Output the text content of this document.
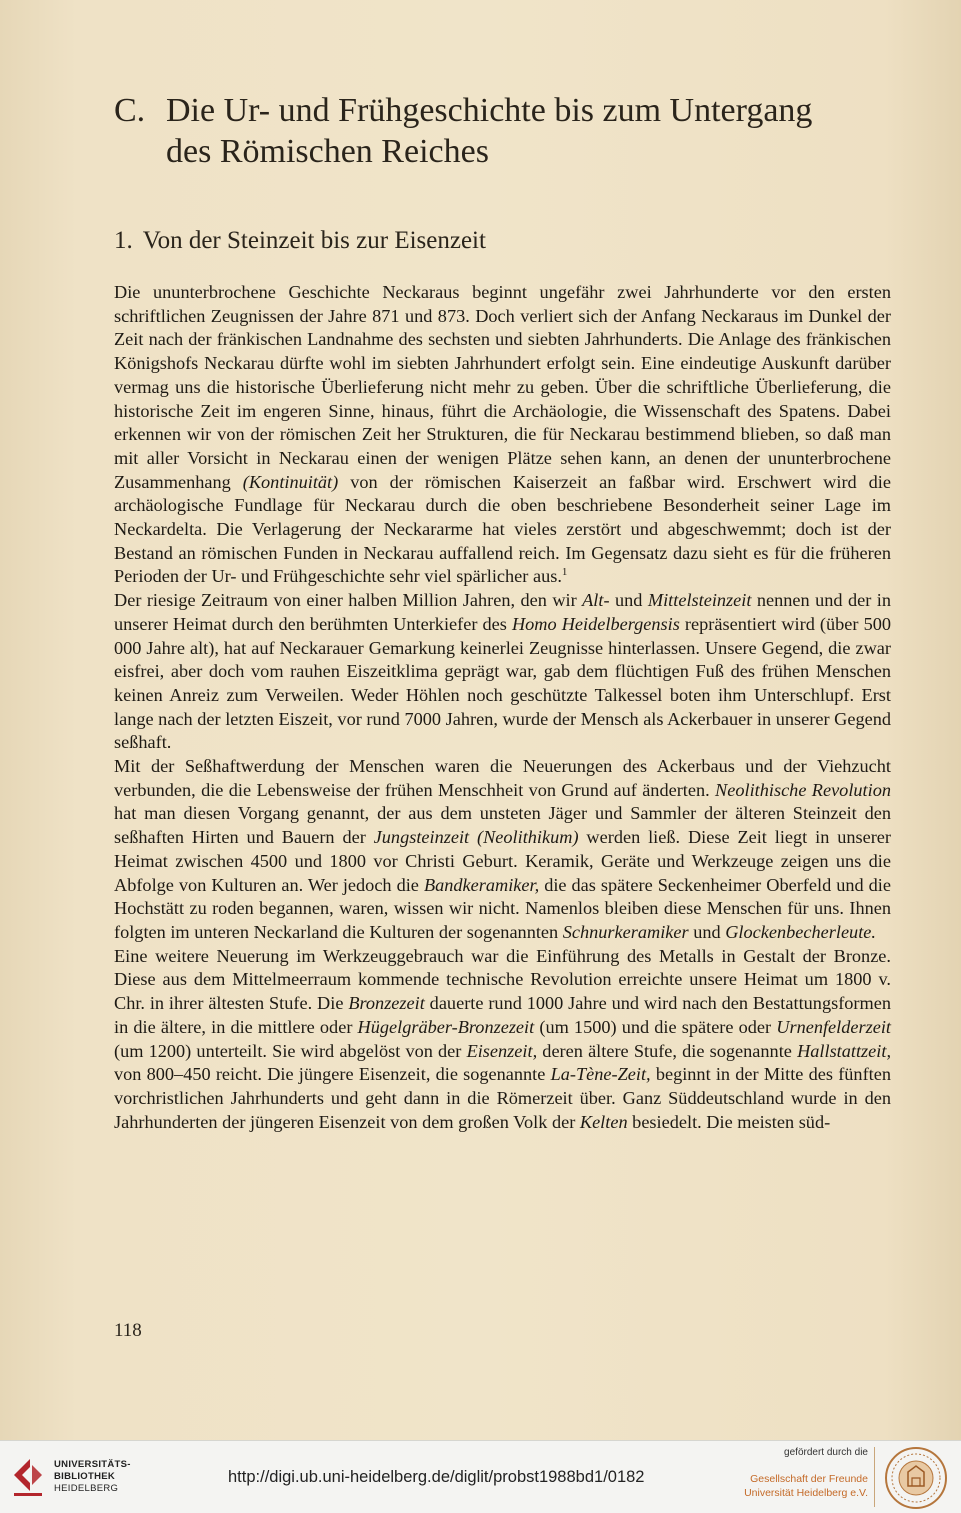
C. Die Ur- und Frühgeschichte bis zum Untergang
des Römischen Reiches
1. Von der Steinzeit bis zur Eisenzeit

Die ununterbrochene Geschichte Neckaraus beginnt ungefähr zwei Jahrhunderte vor den ersten schriftlichen Zeugnissen der Jahre 871 und 873. Doch verliert sich der Anfang Neckaraus im Dunkel der Zeit nach der fränkischen Landnahme des sechsten und siebten Jahrhunderts. Die Anlage des fränkischen Königshofs Neckarau dürfte wohl im siebten Jahrhundert erfolgt sein. Eine eindeutige Auskunft darüber vermag uns die historische Überlieferung nicht mehr zu geben. Über die schriftliche Überlieferung, die historische Zeit im engeren Sinne, hinaus, führt die Archäologie, die Wissenschaft des Spatens. Dabei erkennen wir von der römischen Zeit her Strukturen, die für Neckarau bestimmend blieben, so daß man mit aller Vorsicht in Neckarau einen der wenigen Plätze sehen kann, an denen der ununterbrochene Zusammenhang (Kontinuität) von der römischen Kaiserzeit an faßbar wird. Erschwert wird die archäologische Fundlage für Neckarau durch die oben beschriebene Besonderheit seiner Lage im Neckardelta. Die Verlagerung der Neckararme hat vieles zerstört und abgeschwemmt; doch ist der Bestand an römischen Funden in Neckarau auffallend reich. Im Gegensatz dazu sieht es für die früheren Perioden der Ur- und Frühgeschichte sehr viel spärlicher aus.$^1$

Der riesige Zeitraum von einer halben Million Jahren, den wir Alt- und Mittelsteinzeit nennen und der in unserer Heimat durch den berühmten Unterkiefer des Homo Heidelbergensis repräsentiert wird (über 500 000 Jahre alt), hat auf Neckarauer Gemarkung keinerlei Zeugnisse hinterlassen. Unsere Gegend, die zwar eisfrei, aber doch vom rauhen Eiszeitklima geprägt war, gab dem flüchtigen Fuß des frühen Menschen keinen Anreiz zum Verweilen. Weder Höhlen noch geschützte Talkessel boten ihm Unterschlupf. Erst lange nach der letzten Eiszeit, vor rund 7000 Jahren, wurde der Mensch als Ackerbauer in unserer Gegend seßhaft.

Mit der Seßhaftwerdung der Menschen waren die Neuerungen des Ackerbaus und der Viehzucht verbunden, die die Lebensweise der frühen Menschheit von Grund auf änderten. Neolithische Revolution hat man diesen Vorgang genannt, der aus dem unsteten Jäger und Sammler der älteren Steinzeit den seßhaften Hirten und Bauern der Jungsteinzeit (Neolithikum) werden ließ. Diese Zeit liegt in unserer Heimat zwischen 4500 und 1800 vor Christi Geburt. Keramik, Geräte und Werkzeuge zeigen uns die Abfolge von Kulturen an. Wer jedoch die Bandkeramiker, die das spätere Seckenheimer Oberfeld und die Hochstätt zu roden begannen, waren, wissen wir nicht. Namenlos bleiben diese Menschen für uns. Ihnen folgten im unteren Neckarland die Kulturen der sogenannten Schnurkeramiker und Glockenbecherleute.

Eine weitere Neuerung im Werkzeuggebrauch war die Einführung des Metalls in Gestalt der Bronze. Diese aus dem Mittelmeerraum kommende technische Revolution erreichte unsere Heimat um 1800 v. Chr. in ihrer ältesten Stufe. Die Bronzezeit dauerte rund 1000 Jahre und wird nach den Bestattungsformen in die ältere, in die mittlere oder Hügelgräber-Bronzezeit (um 1500) und die spätere oder Urnenfelderzeit (um 1200) unterteilt. Sie wird abgelöst von der Eisenzeit, deren ältere Stufe, die sogenannte Hallstattzeit, von 800–450 reicht. Die jüngere Eisenzeit, die sogenannte La-Tène-Zeit, beginnt in der Mitte des fünften vorchristlichen Jahrhunderts und geht dann in die Römerzeit über. Ganz Süddeutschland wurde in den Jahrhunderten der jüngeren Eisenzeit von dem großen Volk der Kelten besiedelt. Die meisten süd-

118
UNIVERSITÄTS-
BIBLIOTHEK
HEIDELBERG
http://digi.ub.uni-heidelberg.de/diglit/probst1988bd1/0182
gefördert durch die
Gesellschaft der Freunde
Universität Heidelberg e.V.
